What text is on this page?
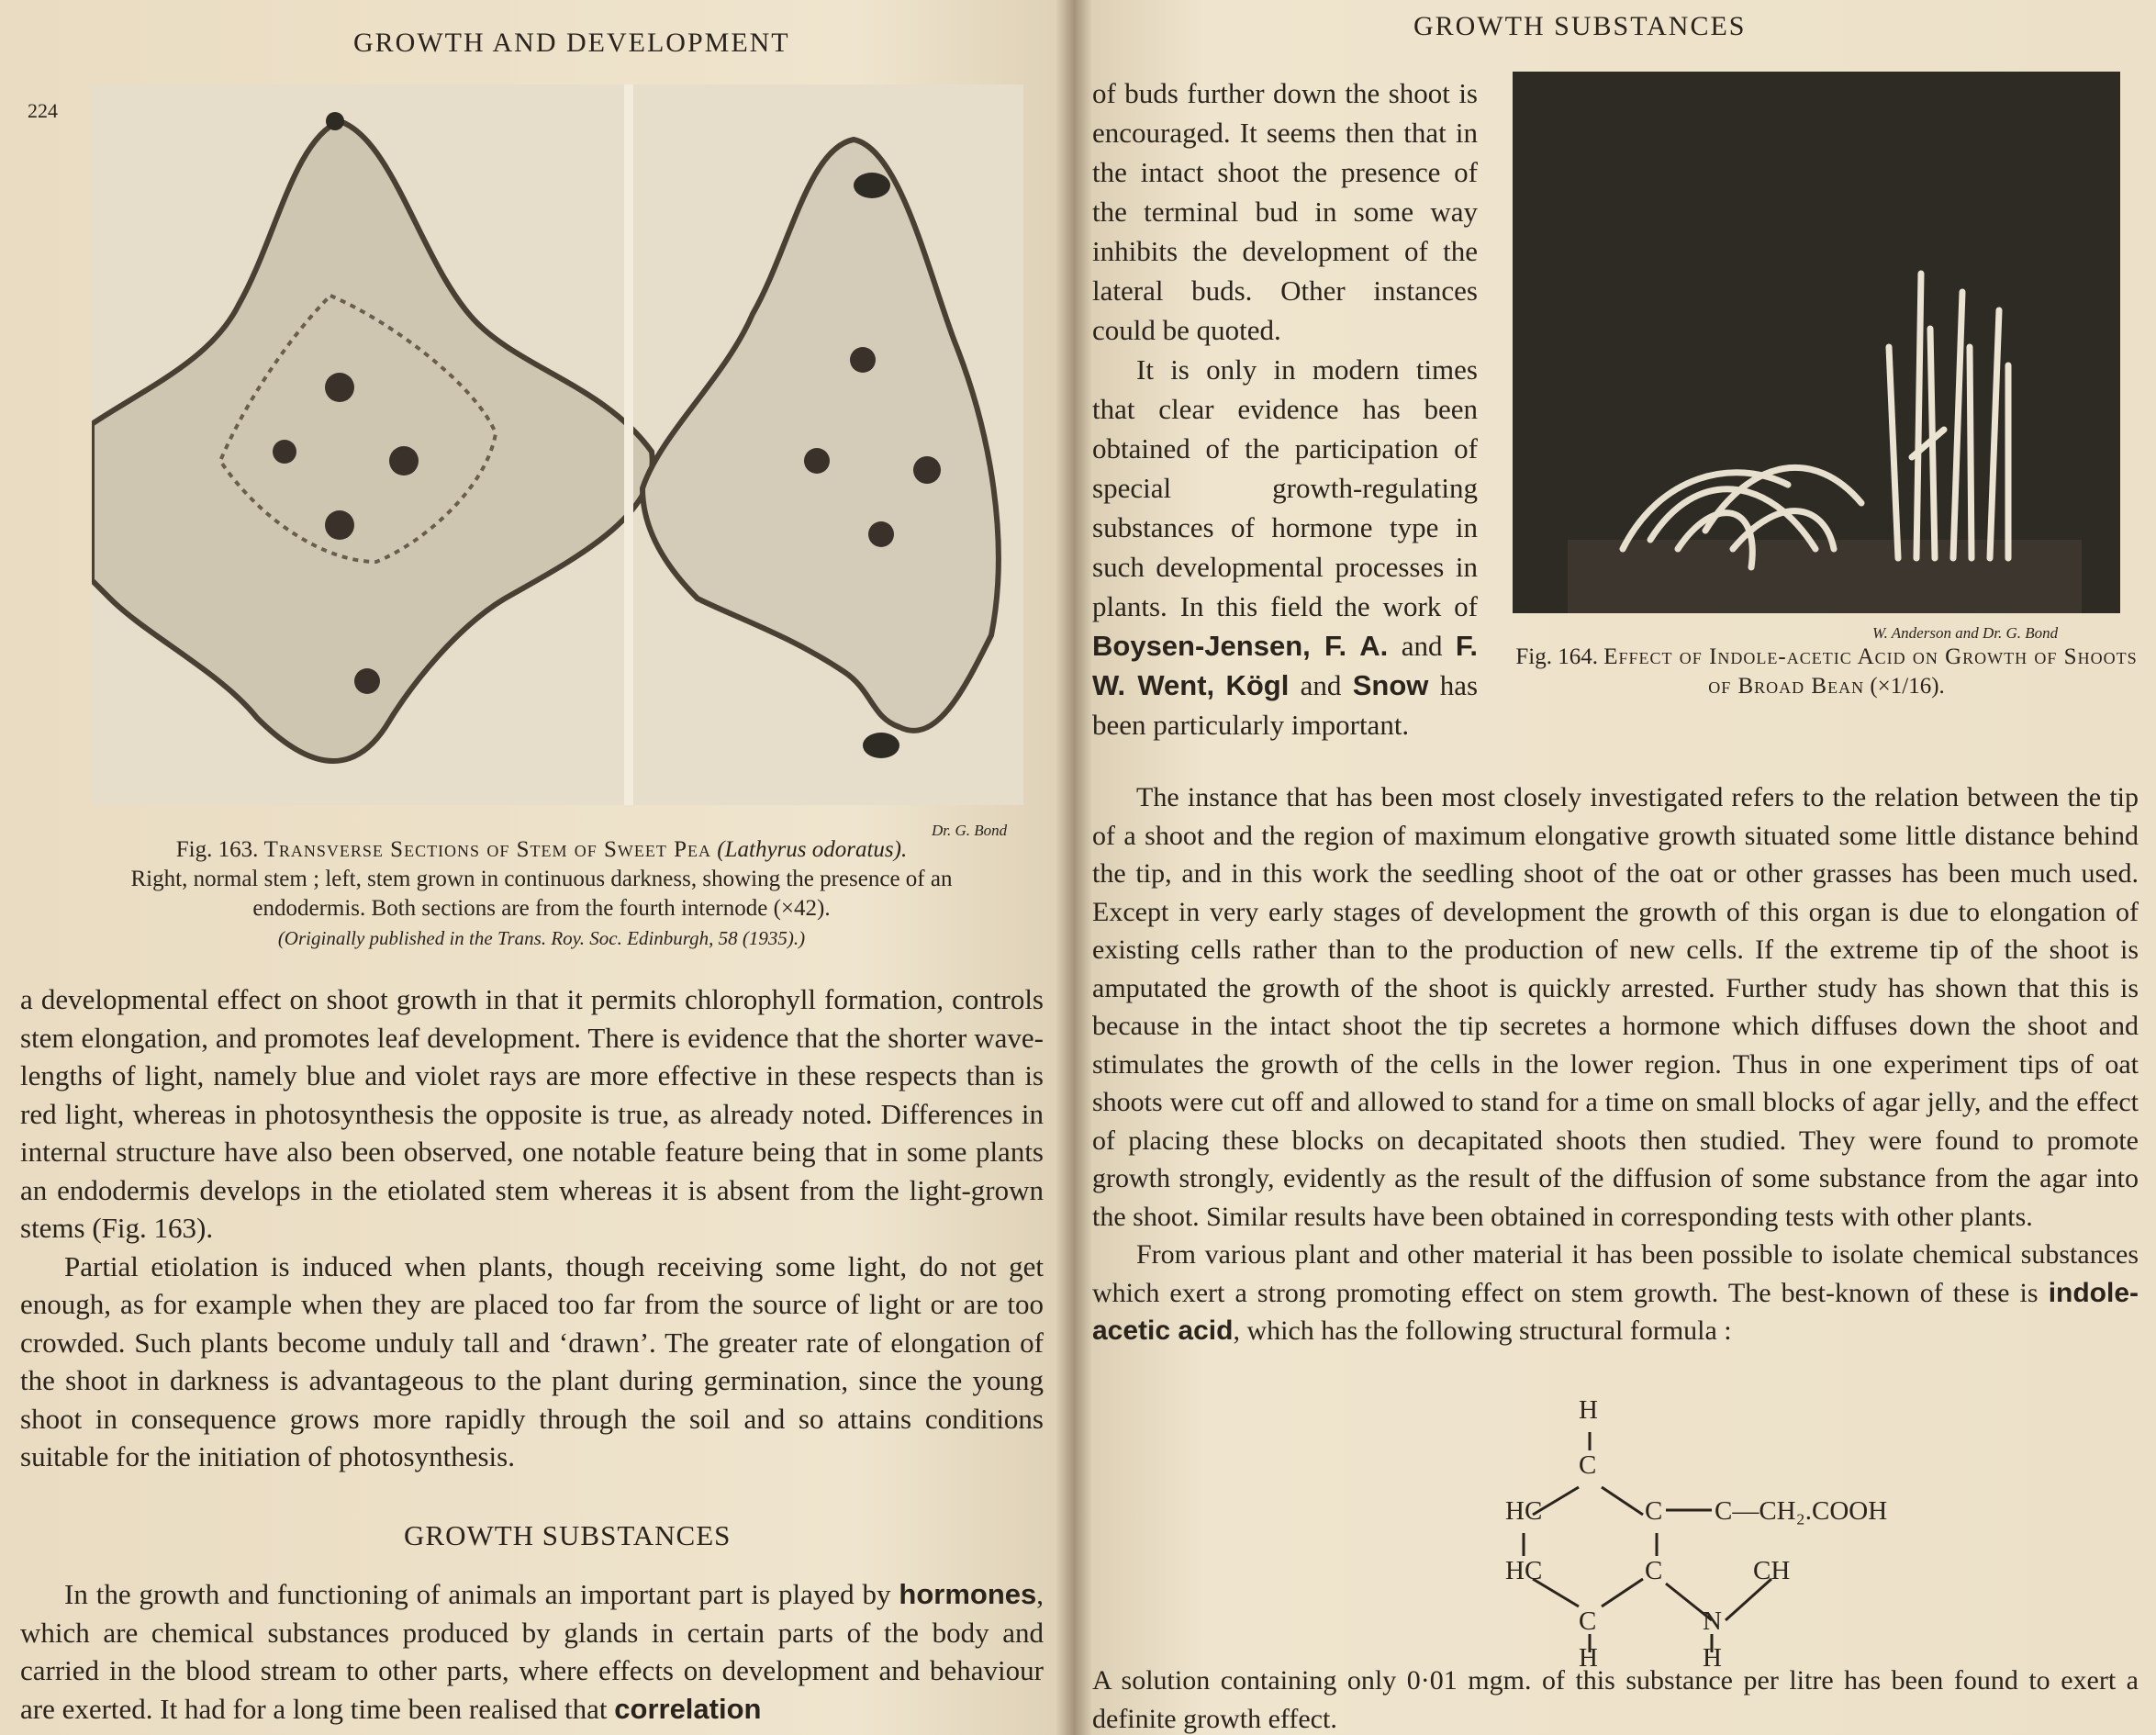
GROWTH AND DEVELOPMENT
224
Dr. G. Bond
Fig. 163. Transverse Sections of Stem of Sweet Pea (Lathyrus odoratus).
Right, normal stem ; left, stem grown in continuous darkness, showing the presence of an
endodermis. Both sections are from the fourth internode (×42).
(Originally published in the Trans. Roy. Soc. Edinburgh, 58 (1935).)

a developmental effect on shoot growth in that it permits chlorophyll formation, controls stem elongation, and promotes leaf development. There is evidence that the shorter wave-lengths of light, namely blue and violet rays are more effective in these respects than is red light, whereas in photosynthesis the opposite is true, as already noted. Differences in internal structure have also been observed, one notable feature being that in some plants an endodermis develops in the etiolated stem whereas it is absent from the light-grown stems (Fig. 163).

Partial etiolation is induced when plants, though receiving some light, do not get enough, as for example when they are placed too far from the source of light or are too crowded. Such plants become unduly tall and ‘drawn’. The greater rate of elongation of the shoot in darkness is advantageous to the plant during germination, since the young shoot in consequence grows more rapidly through the soil and so attains conditions suitable for the initiation of photosynthesis.

GROWTH SUBSTANCES

In the growth and functioning of animals an important part is played by hormones, which are chemical substances produced by glands in certain parts of the body and carried in the blood stream to other parts, where effects on development and behaviour are exerted. It had for a long time been realised that correlation

GROWTH SUBSTANCES

of buds further down the shoot is encouraged. It seems then that in the intact shoot the presence of the terminal bud in some way inhibits the development of the lateral buds. Other instances could be quoted.

It is only in modern times that clear evidence has been obtained of the participation of special growth-regulating substances of hormone type in such developmental processes in plants. In this field the work of Boysen-Jensen, F. A. and F. W. Went, Kögl and Snow has been particularly important.

W. Anderson and Dr. G. Bond
Fig. 164. Effect of Indole-acetic Acid on Growth of Shoots of Broad Bean (×1/16).

The instance that has been most closely investigated refers to the relation between the tip of a shoot and the region of maximum elongative growth situated some little distance behind the tip, and in this work the seedling shoot of the oat or other grasses has been much used. Except in very early stages of development the growth of this organ is due to elongation of existing cells rather than to the production of new cells. If the extreme tip of the shoot is amputated the growth of the shoot is quickly arrested. Further study has shown that this is because in the intact shoot the tip secretes a hormone which diffuses down the shoot and stimulates the growth of the cells in the lower region. Thus in one experiment tips of oat shoots were cut off and allowed to stand for a time on small blocks of agar jelly, and the effect of placing these blocks on decapitated shoots then studied. They were found to promote growth strongly, evidently as the result of the diffusion of some substance from the agar into the shoot. Similar results have been obtained in corresponding tests with other plants.

From various plant and other material it has been possible to isolate chemical substances which exert a strong promoting effect on stem growth. The best-known of these is indole-acetic acid, which has the following structural formula :

H
C
HC	C C—CH₂.COOH
HC	C	CH
C	N
H	H

A solution containing only 0·01 mgm. of this substance per litre has been found to exert a definite growth effect.
